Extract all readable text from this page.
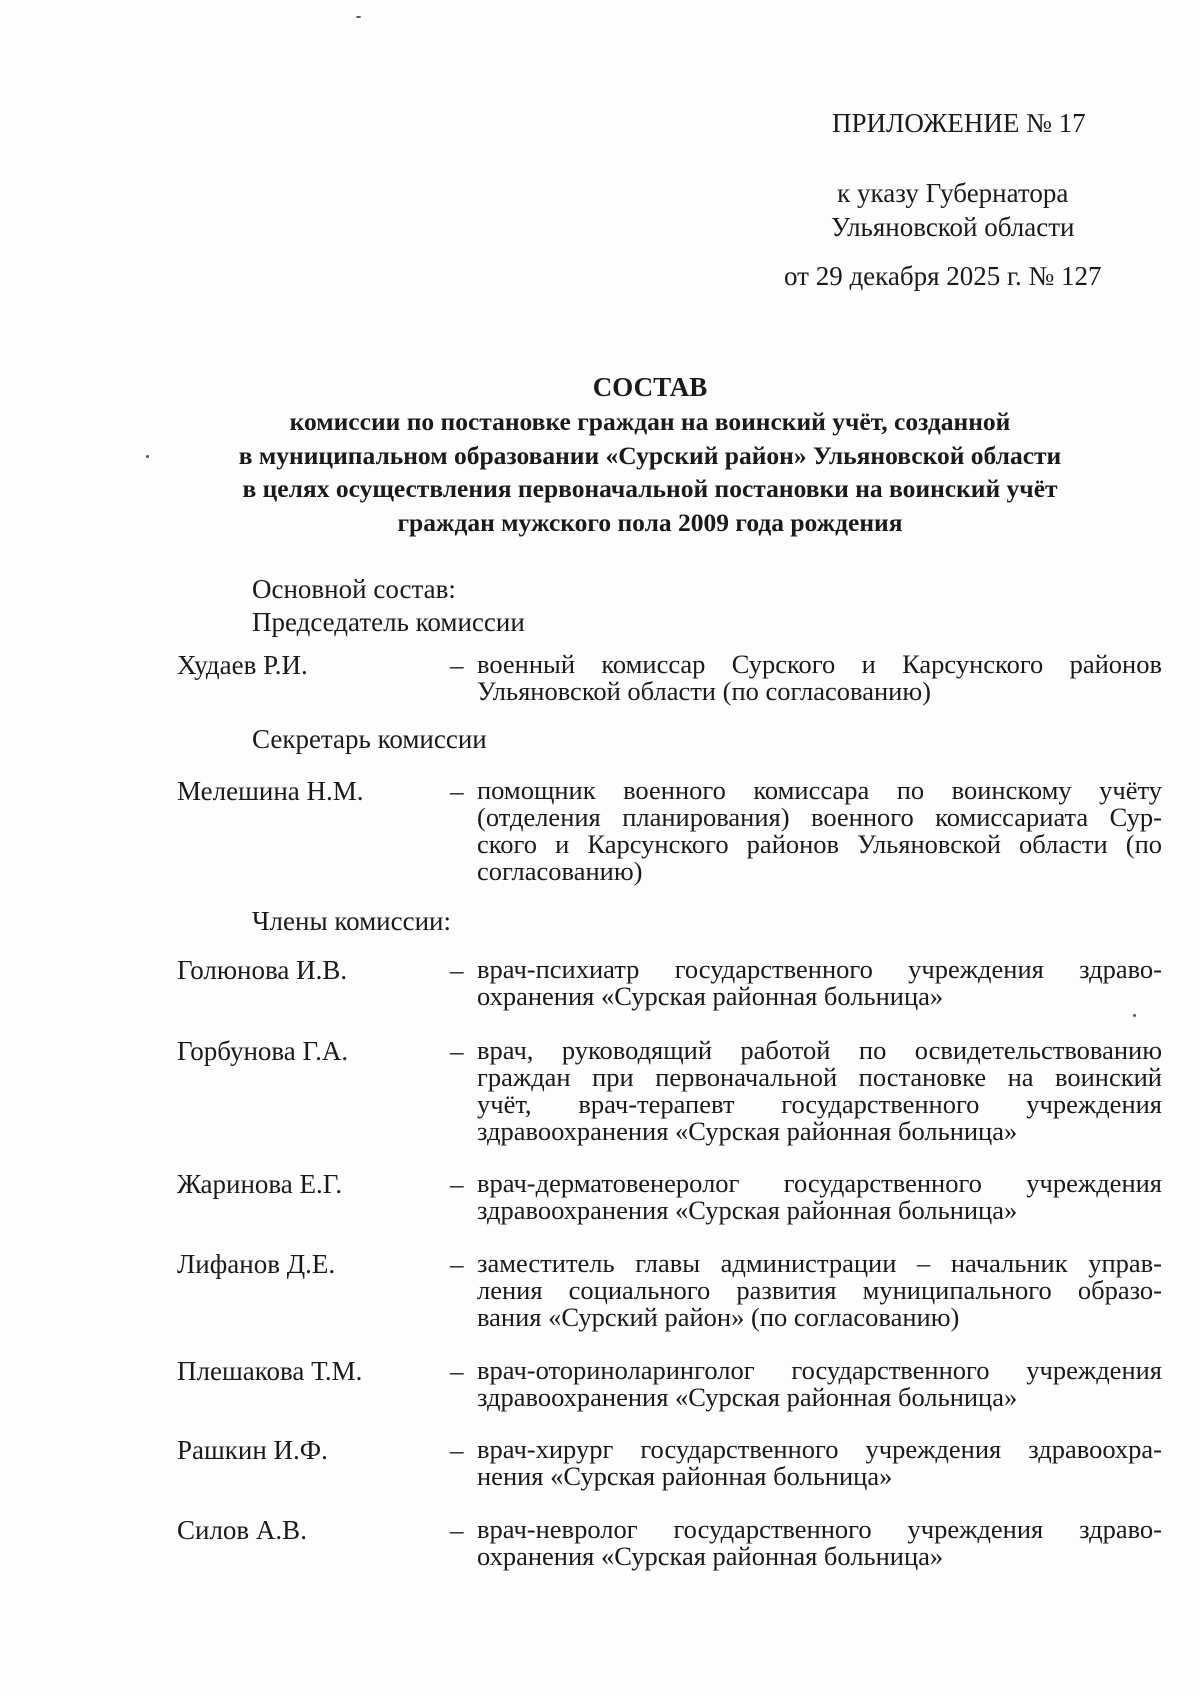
ПРИЛОЖЕНИЕ № 17
к указу Губернатора
Ульяновской области
от 29 декабря 2025 г. № 127
СОСТАВ
комиссии по постановке граждан на воинский учёт, созданной
в муниципальном образовании «Сурский район» Ульяновской области
в целях осуществления первоначальной постановки на воинский учёт
граждан мужского пола 2009 года рождения
Основной состав:
Председатель комиссии
Худаев Р.И.	– военный комиссар Сурского и Карсунского районов
Ульяновской области (по согласованию)
Секретарь комиссии
Мелешина Н.М.	– помощник военного комиссара по воинскому учёту
(отделения планирования) военного комиссариата Сур-
ского и Карсунского районов Ульяновской области (по
согласованию)
Члены комиссии:
Голюнова И.В.	– врач-психиатр государственного учреждения здраво-
охранения «Сурская районная больница»
Горбунова Г.А.	– врач, руководящий работой по освидетельствованию
граждан при первоначальной постановке на воинский
учёт, врач-терапевт государственного учреждения
здравоохранения «Сурская районная больница»
Жаринова Е.Г.	– врач-дерматовенеролог государственного учреждения
здравоохранения «Сурская районная больница»
Лифанов Д.Е.	– заместитель главы администрации – начальник управ-
ления социального развития муниципального образо-
вания «Сурский район» (по согласованию)
Плешакова Т.М.	– врач-оториноларинголог государственного учреждения
здравоохранения «Сурская районная больница»
Рашкин И.Ф.	– врач-хирург государственного учреждения здравоохра-
нения «Сурская районная больница»
Силов А.В.	– врач-невролог государственного учреждения здраво-
охранения «Сурская районная больница»
